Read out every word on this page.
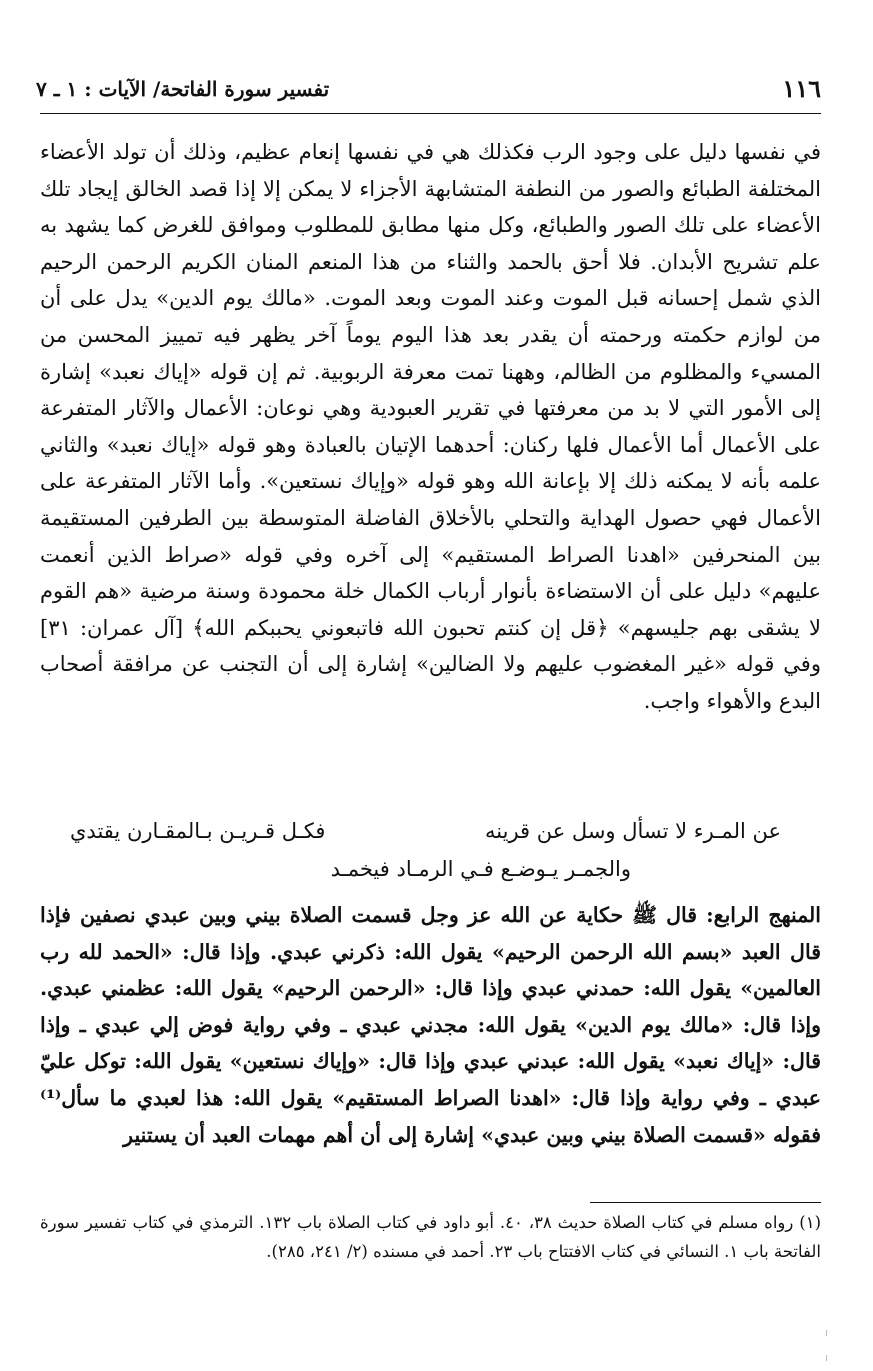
١١٦
تفسير سورة الفاتحة/ الآيات : ١ ـ ٧

في نفسها دليل على وجود الرب فكذلك هي في نفسها إنعام عظيم، وذلك أن تولد الأعضاء المختلفة الطبائع والصور من النطفة المتشابهة الأجزاء لا يمكن إلا إذا قصد الخالق إيجاد تلك الأعضاء على تلك الصور والطبائع، وكل منها مطابق للمطلوب وموافق للغرض كما يشهد به علم تشريح الأبدان. فلا أحق بالحمد والثناء من هذا المنعم المنان الكريم الرحمن الرحيم الذي شمل إحسانه قبل الموت وعند الموت وبعد الموت. «مالك يوم الدين» يدل على أن من لوازم حكمته ورحمته أن يقدر بعد هذا اليوم يوماً آخر يظهر فيه تمييز المحسن من المسيء والمظلوم من الظالم، وههنا تمت معرفة الربوبية. ثم إن قوله «إياك نعبد» إشارة إلى الأمور التي لا بد من معرفتها في تقرير العبودية وهي نوعان: الأعمال والآثار المتفرعة على الأعمال أما الأعمال فلها ركنان: أحدهما الإتيان بالعبادة وهو قوله «إياك نعبد» والثاني علمه بأنه لا يمكنه ذلك إلا بإعانة الله وهو قوله «وإياك نستعين». وأما الآثار المتفرعة على الأعمال فهي حصول الهداية والتحلي بالأخلاق الفاضلة المتوسطة بين الطرفين المستقيمة بين المنحرفين «اهدنا الصراط المستقيم» إلى آخره وفي قوله «صراط الذين أنعمت عليهم» دليل على أن الاستضاءة بأنوار أرباب الكمال خلة محمودة وسنة مرضية «هم القوم لا يشقى بهم جليسهم» ﴿قل إن كنتم تحبون الله فاتبعوني يحببكم الله﴾ [آل عمران: ٣١] وفي قوله «غير المغضوب عليهم ولا الضالين» إشارة إلى أن التجنب عن مرافقة أصحاب البدع والأهواء واجب.

عن المـرء لا تسأل وسل عن قرينه
فكـل قـريـن بـالمقـارن يقتدي
والجمـر يـوضـع فـي الرمـاد فيخمـد

المنهج الرابع: قال ﷺ حكاية عن الله عز وجل قسمت الصلاة بيني وبين عبدي نصفين فإذا قال العبد «بسم الله الرحمن الرحيم» يقول الله: ذكرني عبدي. وإذا قال: «الحمد لله رب العالمين» يقول الله: حمدني عبدي وإذا قال: «الرحمن الرحيم» يقول الله: عظمني عبدي. وإذا قال: «مالك يوم الدين» يقول الله: مجدني عبدي ـ وفي رواية فوض إلي عبدي ـ وإذا قال: «إياك نعبد» يقول الله: عبدني عبدي وإذا قال: «وإياك نستعين» يقول الله: توكل عليّ عبدي ـ وفي رواية وإذا قال: «اهدنا الصراط المستقيم» يقول الله: هذا لعبدي ما سأل⁽¹⁾ فقوله «قسمت الصلاة بيني وبين عبدي» إشارة إلى أن أهم مهمات العبد أن يستنير

(١) رواه مسلم في كتاب الصلاة حديث ٣٨، ٤٠. أبو داود في كتاب الصلاة باب ١٣٢. الترمذي في كتاب تفسير سورة الفاتحة باب ١. النسائي في كتاب الافتتاح باب ٢٣. أحمد في مسنده (٢/ ٢٤١، ٢٨٥).
